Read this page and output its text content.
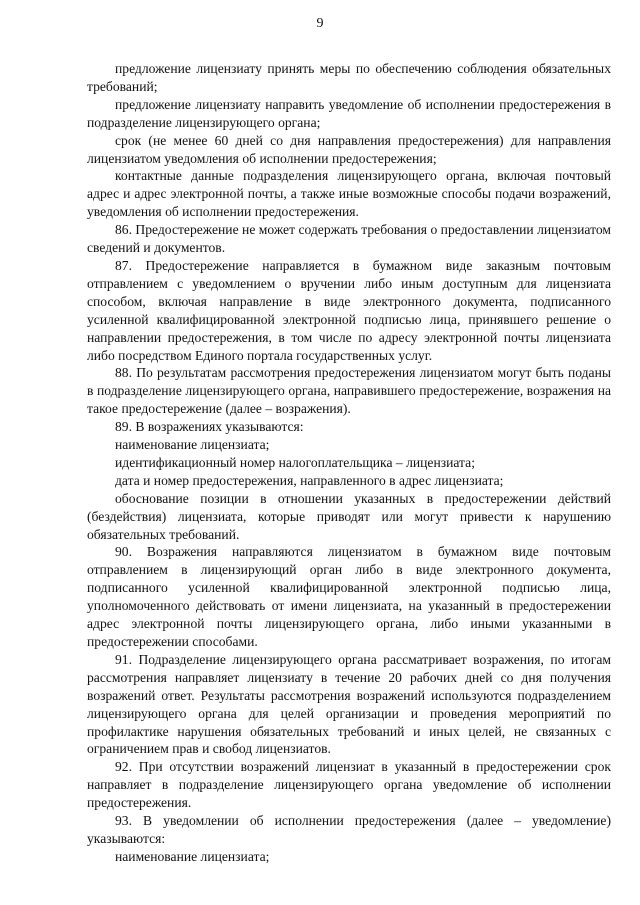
9

предложение лицензиату принять меры по обеспечению соблюдения обязательных требований;

предложение лицензиату направить уведомление об исполнении предостережения в подразделение лицензирующего органа;

срок (не менее 60 дней со дня направления предостережения) для направления лицензиатом уведомления об исполнении предостережения;

контактные данные подразделения лицензирующего органа, включая почтовый адрес и адрес электронной почты, а также иные возможные способы подачи возражений, уведомления об исполнении предостережения.

86. Предостережение не может содержать требования о предоставлении лицензиатом сведений и документов.

87. Предостережение направляется в бумажном виде заказным почтовым отправлением с уведомлением о вручении либо иным доступным для лицензиата способом, включая направление в виде электронного документа, подписанного усиленной квалифицированной электронной подписью лица, принявшего решение о направлении предостережения, в том числе по адресу электронной почты лицензиата либо посредством Единого портала государственных услуг.

88. По результатам рассмотрения предостережения лицензиатом могут быть поданы в подразделение лицензирующего органа, направившего предостережение, возражения на такое предостережение (далее – возражения).

89. В возражениях указываются:

наименование лицензиата;

идентификационный номер налогоплательщика – лицензиата;

дата и номер предостережения, направленного в адрес лицензиата;

обоснование позиции в отношении указанных в предостережении действий (бездействия) лицензиата, которые приводят или могут привести к нарушению обязательных требований.

90. Возражения направляются лицензиатом в бумажном виде почтовым отправлением в лицензирующий орган либо в виде электронного документа, подписанного усиленной квалифицированной электронной подписью лица, уполномоченного действовать от имени лицензиата, на указанный в предостережении адрес электронной почты лицензирующего органа, либо иными указанными в предостережении способами.

91. Подразделение лицензирующего органа рассматривает возражения, по итогам рассмотрения направляет лицензиату в течение 20 рабочих дней со дня получения возражений ответ. Результаты рассмотрения возражений используются подразделением лицензирующего органа для целей организации и проведения мероприятий по профилактике нарушения обязательных требований и иных целей, не связанных с ограничением прав и свобод лицензиатов.

92. При отсутствии возражений лицензиат в указанный в предостережении срок направляет в подразделение лицензирующего органа уведомление об исполнении предостережения.

93. В уведомлении об исполнении предостережения (далее – уведомление) указываются:

наименование лицензиата;
